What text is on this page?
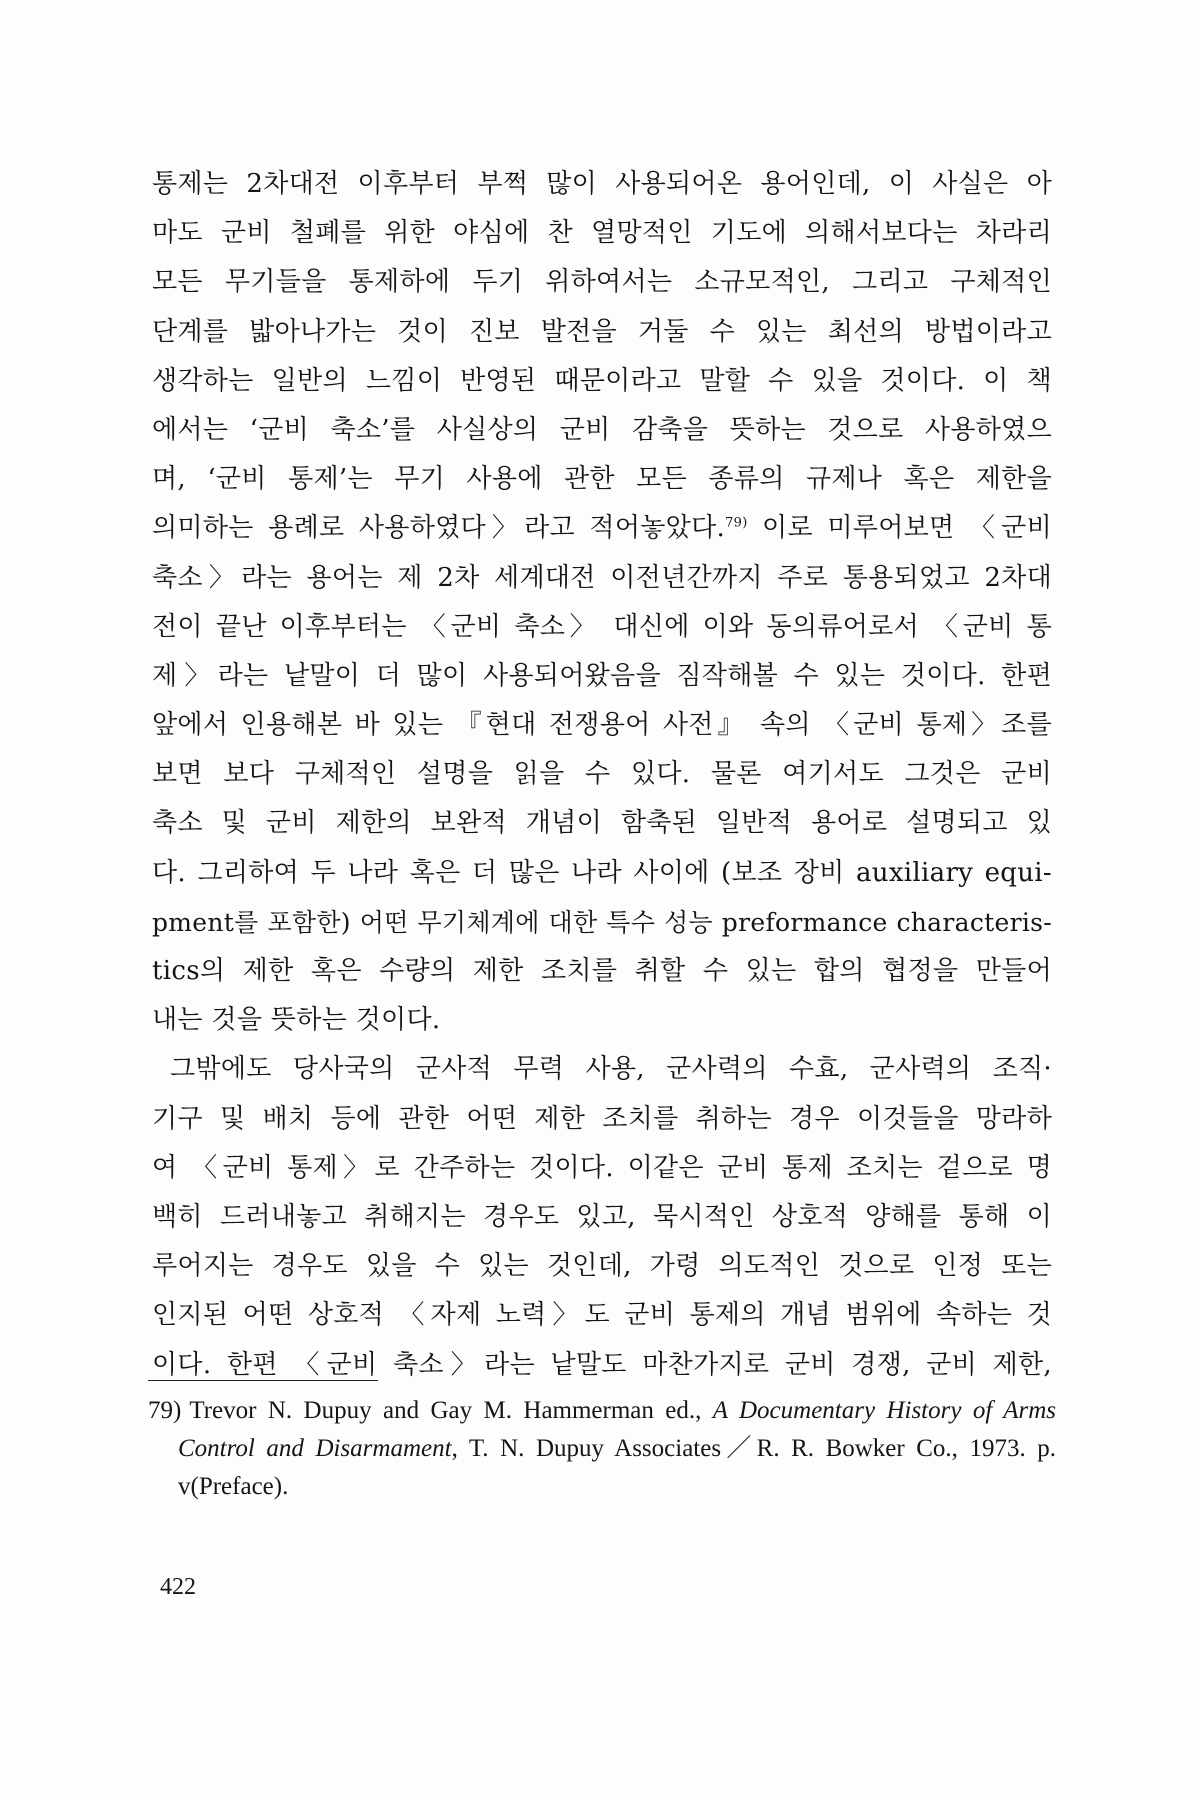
통제는 2차대전 이후부터 부쩍 많이 사용되어온 용어인데, 이 사실은 아
마도 군비 철폐를 위한 야심에 찬 열망적인 기도에 의해서보다는 차라리
모든 무기들을 통제하에 두기 위하여서는 소규모적인, 그리고 구체적인
단계를 밟아나가는 것이 진보 발전을 거둘 수 있는 최선의 방법이라고
생각하는 일반의 느낌이 반영된 때문이라고 말할 수 있을 것이다. 이 책
에서는 ‘군비 축소’를 사실상의 군비 감축을 뜻하는 것으로 사용하였으
며, ‘군비 통제’는 무기 사용에 관한 모든 종류의 규제나 혹은 제한을
의미하는 용례로 사용하였다〉라고 적어놓았다.$^{79)}$ 이로 미루어보면 〈군비
축소〉라는 용어는 제 2차 세계대전 이전년간까지 주로 통용되었고 2차대
전이 끝난 이후부터는 〈군비 축소〉 대신에 이와 동의류어로서 〈군비 통
제〉라는 낱말이 더 많이 사용되어왔음을 짐작해볼 수 있는 것이다. 한편
앞에서 인용해본 바 있는 『현대 전쟁용어 사전』 속의 〈군비 통제〉조를
보면 보다 구체적인 설명을 읽을 수 있다. 물론 여기서도 그것은 군비
축소 및 군비 제한의 보완적 개념이 함축된 일반적 용어로 설명되고 있
다. 그리하여 두 나라 혹은 더 많은 나라 사이에 (보조 장비 auxiliary equi-
pment를 포함한) 어떤 무기체계에 대한 특수 성능 preformance characteris-
tics의 제한 혹은 수량의 제한 조치를 취할 수 있는 합의 협정을 만들어
내는 것을 뜻하는 것이다.
그밖에도 당사국의 군사적 무력 사용, 군사력의 수효, 군사력의 조직·
기구 및 배치 등에 관한 어떤 제한 조치를 취하는 경우 이것들을 망라하
여 〈군비 통제〉로 간주하는 것이다. 이같은 군비 통제 조치는 겉으로 명
백히 드러내놓고 취해지는 경우도 있고, 묵시적인 상호적 양해를 통해 이
루어지는 경우도 있을 수 있는 것인데, 가령 의도적인 것으로 인정 또는
인지된 어떤 상호적 〈자제 노력〉도 군비 통제의 개념 범위에 속하는 것
이다. 한편 〈군비 축소〉라는 낱말도 마찬가지로 군비 경쟁, 군비 제한,
79) Trevor N. Dupuy and Gay M. Hammerman ed., A Documentary History of Arms
Control and Disarmament, T. N. Dupuy Associates／R. R. Bowker Co., 1973. p.
v(Preface).
422
